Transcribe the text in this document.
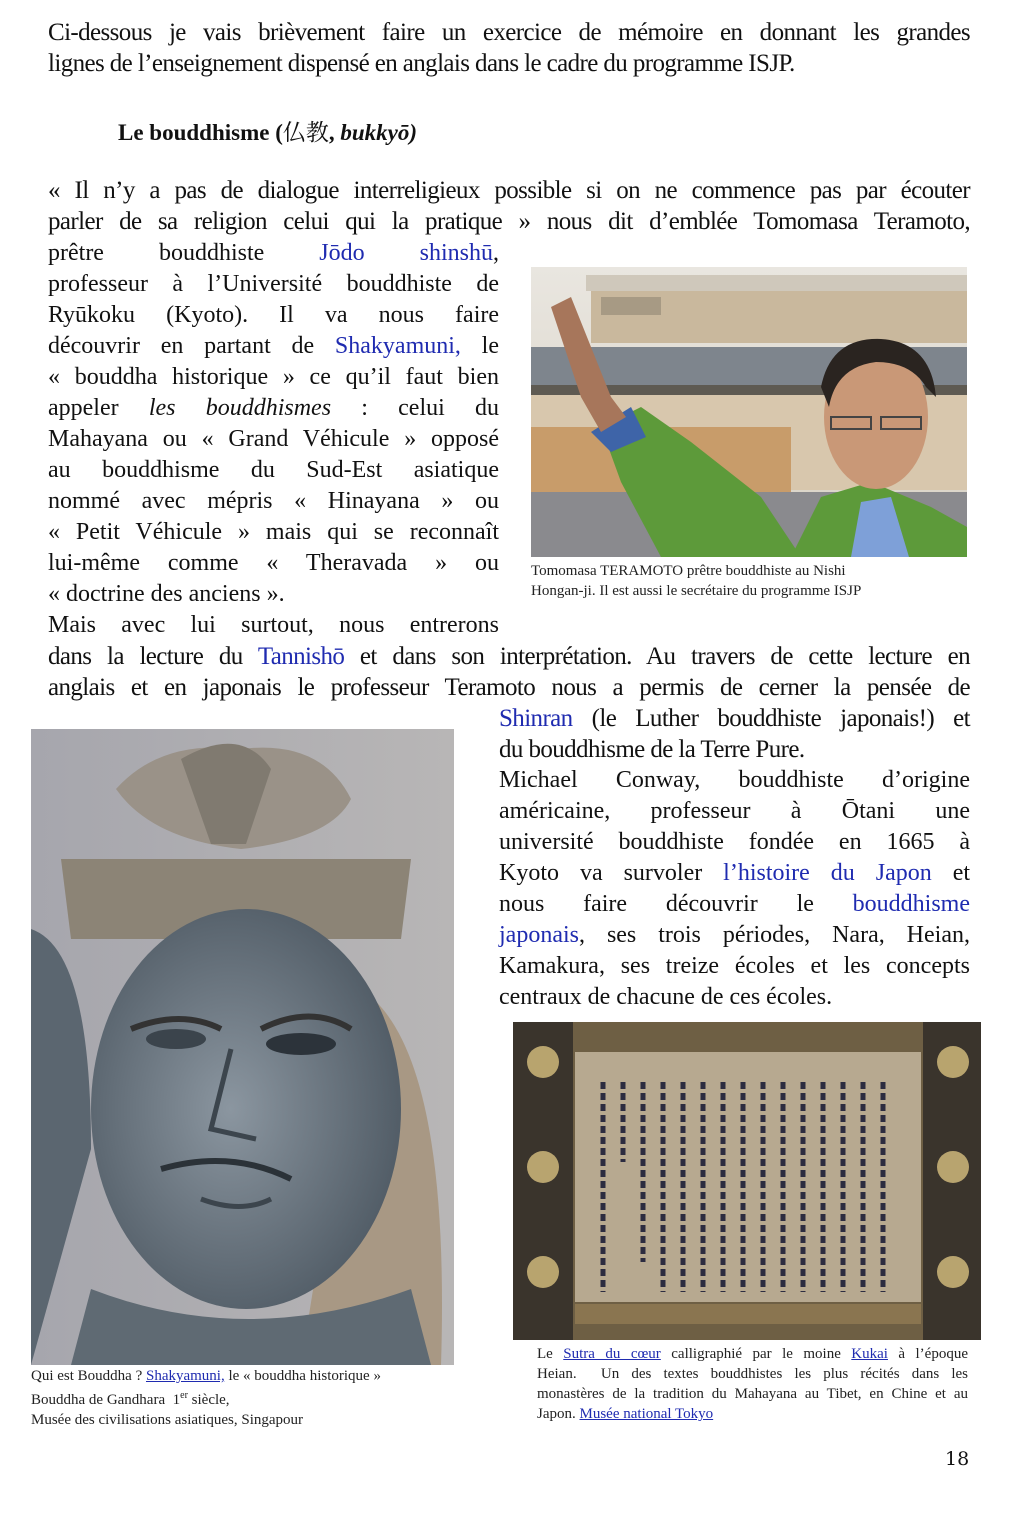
Ci-dessous je vais brièvement faire un exercice de mémoire en donnant les grandes
lignes de l’enseignement dispensé en anglais dans le cadre du programme ISJP.
Le bouddhisme (仏教, bukkyō)
« Il n’y a pas de dialogue interreligieux possible si on ne commence pas par écouter
parler de sa religion celui qui la pratique » nous dit d’emblée Tomomasa Teramoto,
prêtre bouddhiste Jōdo shinshū,
professeur à l’Université bouddhiste de
Ryūkoku (Kyoto). Il va nous faire
découvrir en partant de Shakyamuni, le
« bouddha historique » ce qu’il faut bien
appeler les bouddhismes : celui du
Mahayana ou « Grand Véhicule » opposé
au bouddhisme du Sud-Est asiatique
nommé avec mépris « Hinayana » ou
« Petit Véhicule » mais qui se reconnaît
lui-même comme « Theravada » ou
« doctrine des anciens ».
Mais avec lui surtout, nous entrerons
dans la lecture du Tannishō et dans son interprétation. Au travers de cette lecture en
anglais et en japonais le professeur Teramoto nous a permis de cerner la pensée de
Shinran (le Luther bouddhiste japonais!) et
du bouddhisme de la Terre Pure.
Michael Conway, bouddhiste d’origine
américaine, professeur à Ōtani une
université bouddhiste fondée en 1665 à
Kyoto va survoler l’histoire du Japon et
nous faire découvrir le bouddhisme
japonais, ses trois périodes, Nara, Heian,
Kamakura, ses treize écoles et les concepts
centraux de chacune de ces écoles.
Tomomasa TERAMOTO prêtre bouddhiste au Nishi
Hongan-ji. Il est aussi le secrétaire du programme ISJP
Qui est Bouddha ? Shakyamuni, le « bouddha historique »
Bouddha de Gandhara  1er siècle,
Musée des civilisations asiatiques, Singapour
Le Sutra du cœur calligraphié par le moine Kukai à l’époque
Heian.  Un des textes bouddhistes les plus récités dans les
monastères de la tradition du Mahayana au Tibet, en Chine et au
Japon. Musée national Tokyo
18
